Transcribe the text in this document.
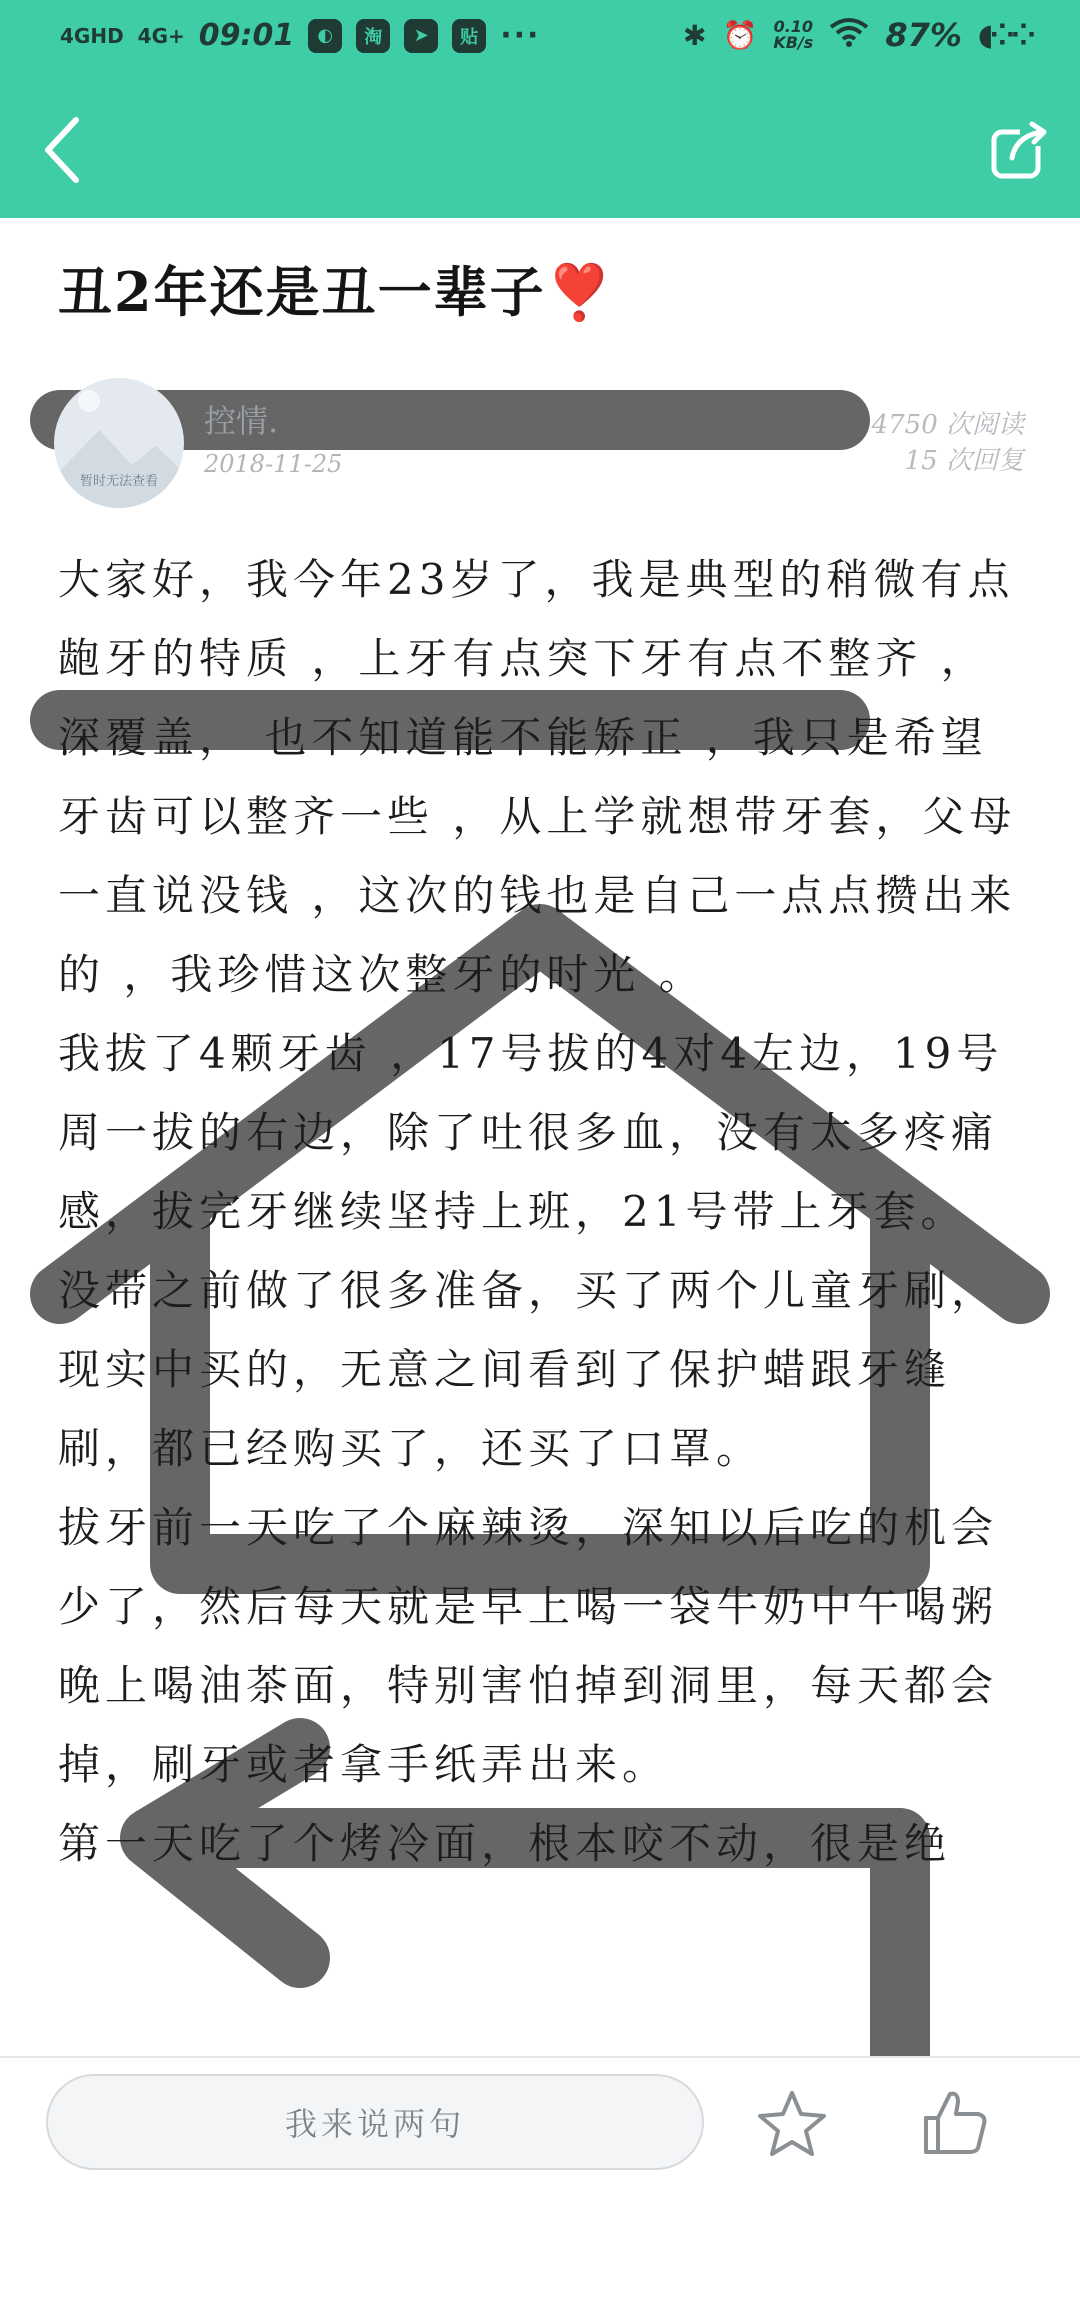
4GHD 4G+ 09:01	◐	淘	➤	贴 ···	✱ ⏰ 0.10
KB/s 87% ◖⁘⁘
丑2年还是丑一辈子❣️
暂时无法查看
控情.
2018-11-25
4750 次阅读
15 次回复

大家好，我今年23岁了，我是典型的稍微有点龅牙的特质 ，上牙有点突下牙有点不整齐 ，深覆盖， 也不知道能不能矫正 ，我只是希望牙齿可以整齐一些 ，从上学就想带牙套，父母一直说没钱 ，这次的钱也是自己一点点攒出来的 ，我珍惜这次整牙的时光 。

我拔了4颗牙齿 ，17号拔的4对4左边，19号周一拔的右边，除了吐很多血，没有太多疼痛感，拔完牙继续坚持上班，21号带上牙套。

没带之前做了很多准备，买了两个儿童牙刷，现实中买的，无意之间看到了保护蜡跟牙缝刷，都已经购买了，还买了口罩。

拔牙前一天吃了个麻辣烫，深知以后吃的机会少了，然后每天就是早上喝一袋牛奶中午喝粥晚上喝油茶面，特别害怕掉到洞里，每天都会掉，刷牙或者拿手纸弄出来。

第一天吃了个烤冷面，根本咬不动，很是绝

我来说两句
